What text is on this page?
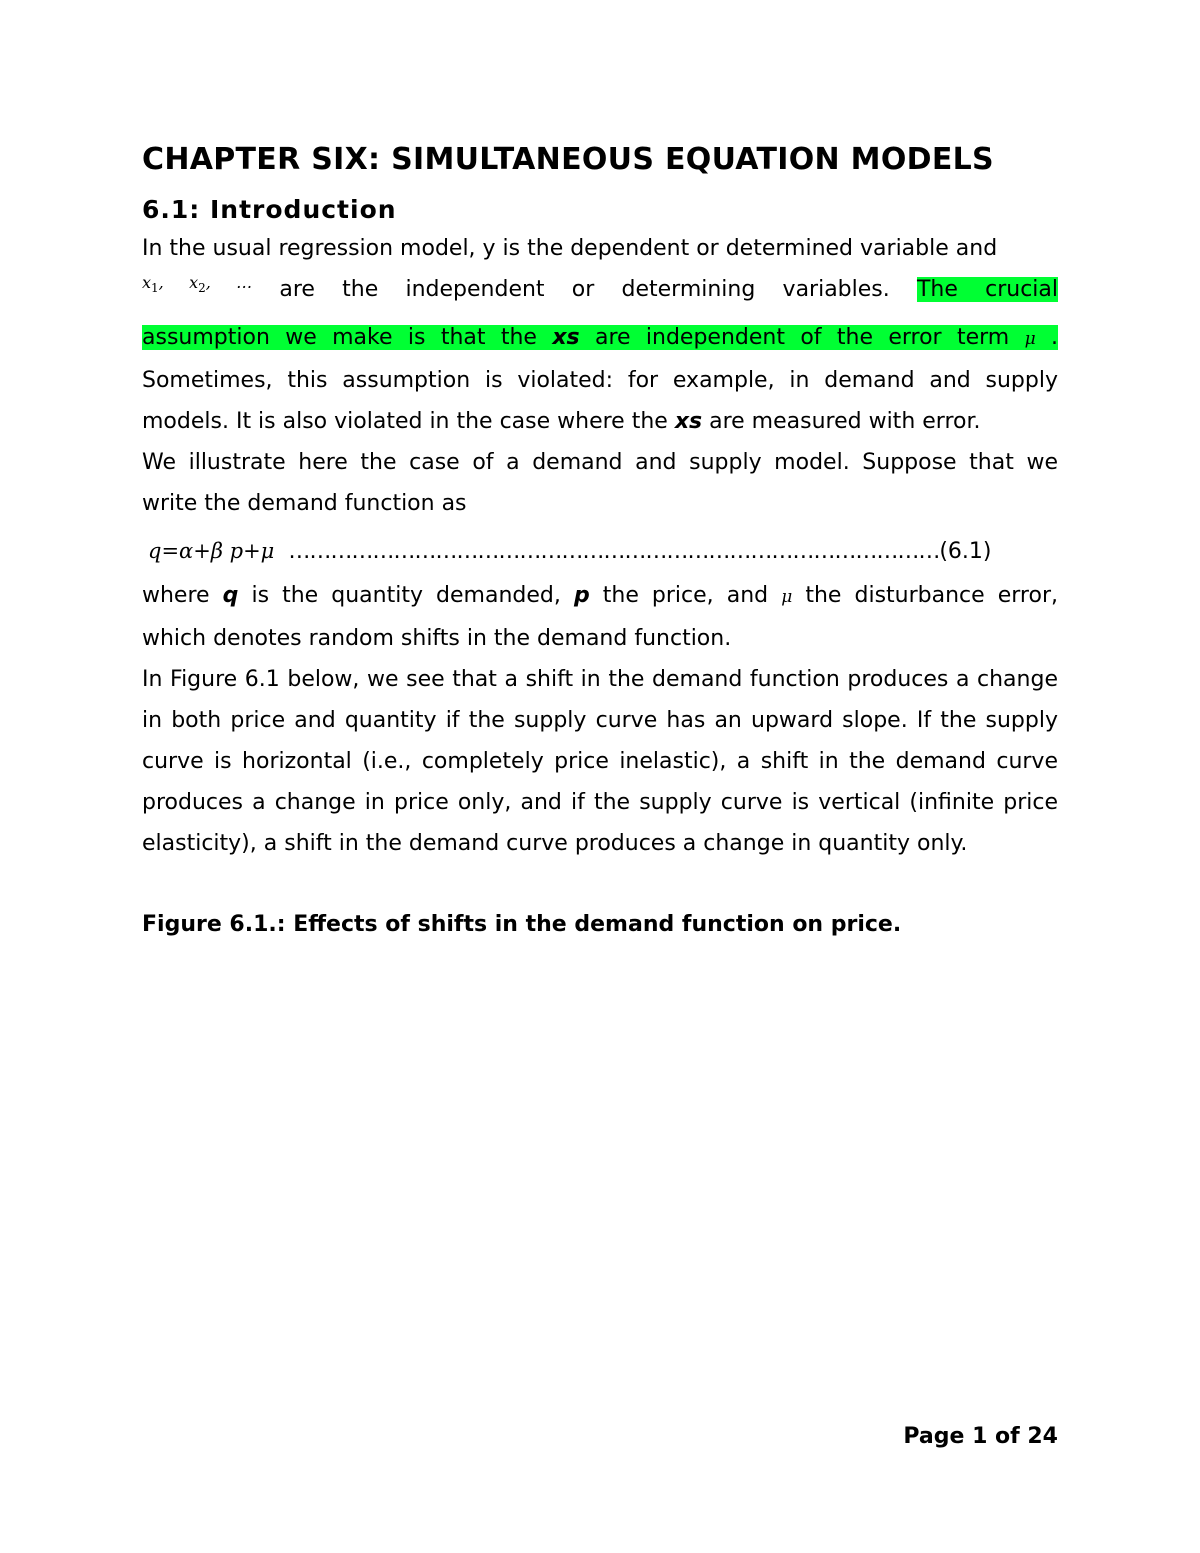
CHAPTER SIX: SIMULTANEOUS EQUATION MODELS
6.1: Introduction

In the usual regression model, y is the dependent or determined variable and

$^{x_1, x_2, \dots}$ are the independent or determining variables. The crucial

assumption we make is that the xs are independent of the error term μ .

Sometimes, this assumption is violated: for example, in demand and supply

models. It is also violated in the case where the xs are measured with error.

We illustrate here the case of a demand and supply model. Suppose that we

write the demand function as

q=α+β p+μ …………………………………………………………………………………(6.1)

where q is the quantity demanded, p the price, and μ the disturbance error,

which denotes random shifts in the demand function.

In Figure 6.1 below, we see that a shift in the demand function produces a change in both price and quantity if the supply curve has an upward slope. If the supply curve is horizontal (i.e., completely price inelastic), a shift in the demand curve produces a change in price only, and if the supply curve is vertical (infinite price elasticity), a shift in the demand curve produces a change in quantity only.

Figure 6.1.: Effects of shifts in the demand function on price.
Page 1 of 24
